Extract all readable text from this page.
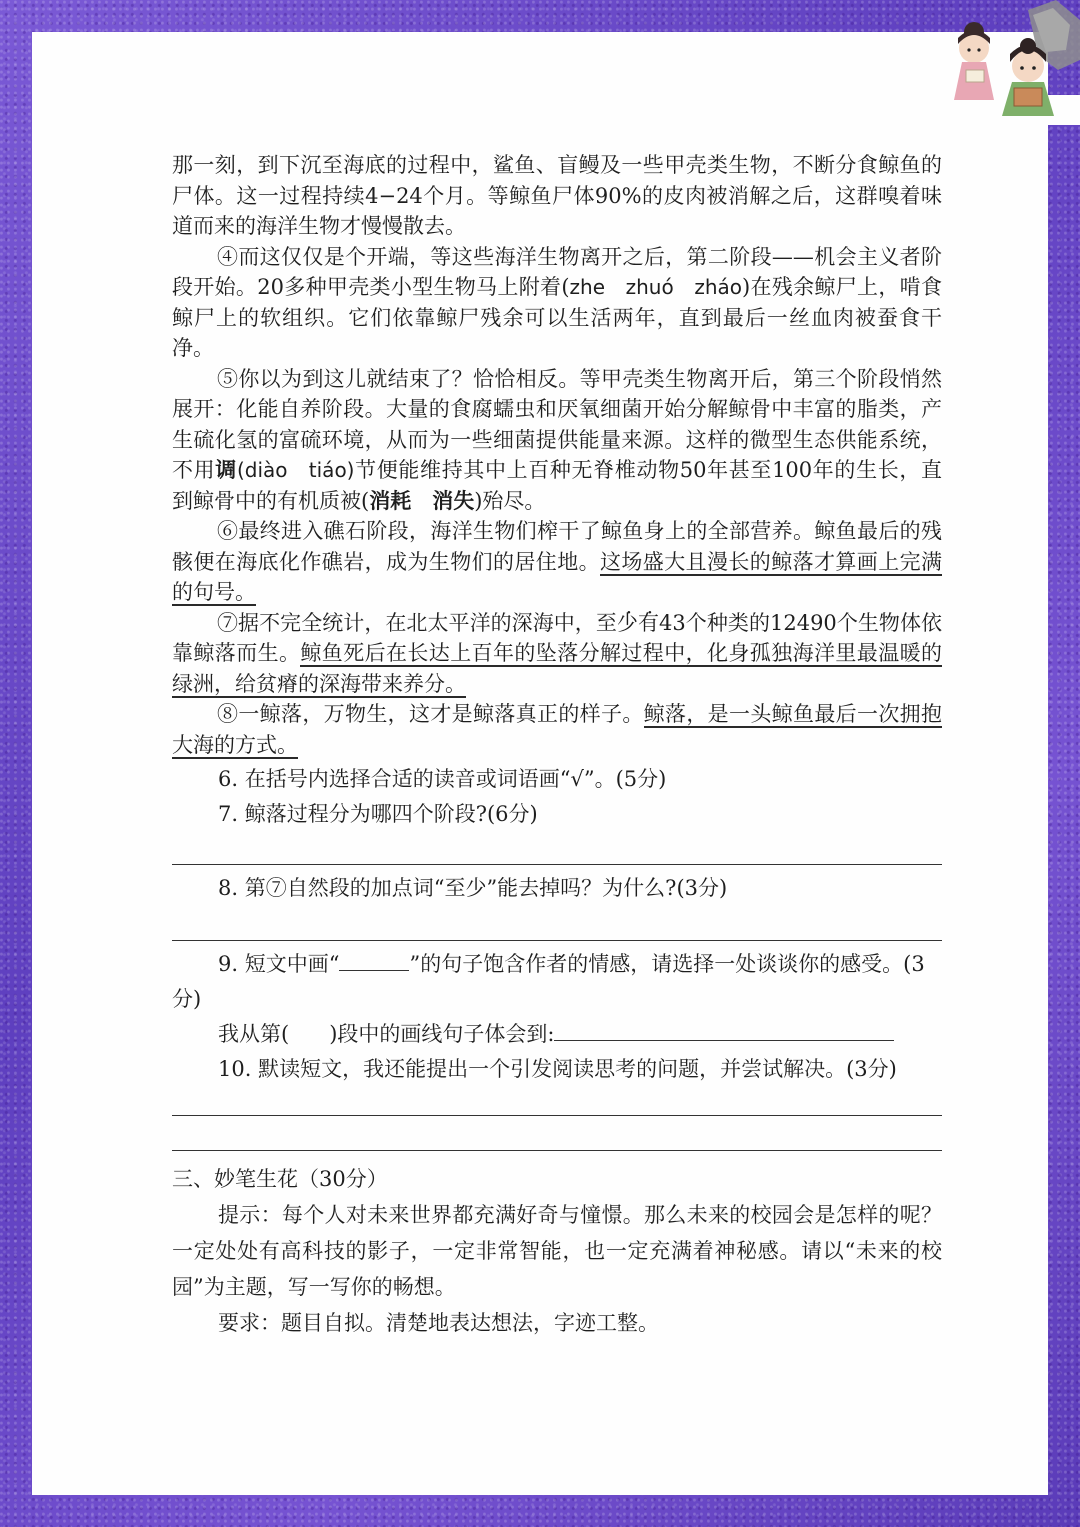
那一刻，到下沉至海底的过程中，鲨鱼、盲鳗及一些甲壳类生物，不断分食鲸鱼的尸体。这一过程持续4−24个月。等鲸鱼尸体90%的皮肉被消解之后，这群嗅着味道而来的海洋生物才慢慢散去。

④而这仅仅是个开端，等这些海洋生物离开之后，第二阶段——机会主义者阶段开始。20多种甲壳类小型生物马上附着(zhe　zhuó　zháo)在残余鲸尸上，啃食鲸尸上的软组织。它们依靠鲸尸残余可以生活两年，直到最后一丝血肉被蚕食干净。

⑤你以为到这儿就结束了？恰恰相反。等甲壳类生物离开后，第三个阶段悄然展开：化能自养阶段。大量的食腐蠕虫和厌氧细菌开始分解鲸骨中丰富的脂类，产生硫化氢的富硫环境，从而为一些细菌提供能量来源。这样的微型生态供能系统，不用调(diào　tiáo)节便能维持其中上百种无脊椎动物50年甚至100年的生长，直到鲸骨中的有机质被(消耗　消失)殆尽。

⑥最终进入礁石阶段，海洋生物们榨干了鲸鱼身上的全部营养。鲸鱼最后的残骸便在海底化作礁岩，成为生物们的居住地。这场盛大且漫长的鲸落才算画上完满的句号。

⑦据不完全统计，在北太平洋的深海中，至少有43个种类的12490个生物体依靠鲸落而生。鲸鱼死后在长达上百年的坠落分解过程中，化身孤独海洋里最温暖的绿洲，给贫瘠的深海带来养分。

⑧一鲸落，万物生，这才是鲸落真正的样子。鲸落，是一头鲸鱼最后一次拥抱大海的方式。

6. 在括号内选择合适的读音或词语画“√”。(5分)

7. 鲸落过程分为哪四个阶段?(6分)

8. 第⑦自然段的加点词“至少”能去掉吗？为什么?(3分)

9. 短文中画“	”的句子饱含作者的情感，请选择一处谈谈你的感受。(3分)

我从第( )段中的画线句子体会到:

10. 默读短文，我还能提出一个引发阅读思考的问题，并尝试解决。(3分)

三、妙笔生花（30分）

提示：每个人对未来世界都充满好奇与憧憬。那么未来的校园会是怎样的呢？一定处处有高科技的影子，一定非常智能，也一定充满着神秘感。请以“未来的校园”为主题，写一写你的畅想。

要求：题目自拟。清楚地表达想法，字迹工整。
